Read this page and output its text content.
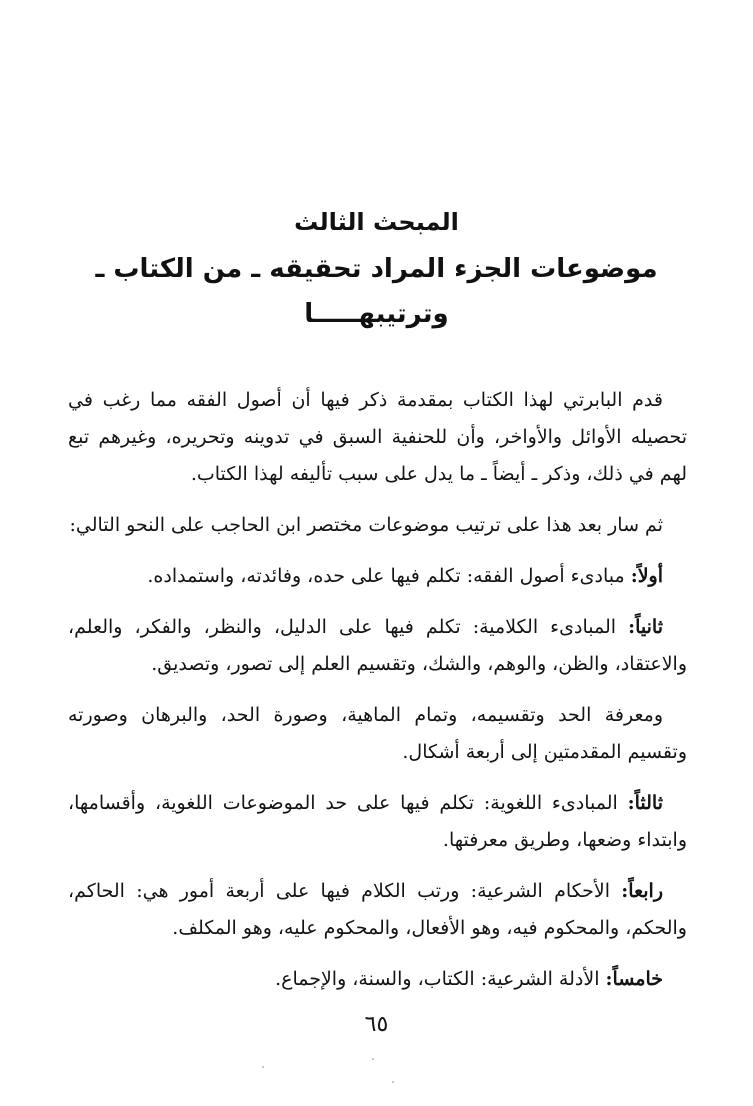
المبحث الثالث
موضوعات الجزء المراد تحقيقه ـ من الكتاب ـ
وترتيبهـــــا

قدم البابرتي لهذا الكتاب بمقدمة ذكر فيها أن أصول الفقه مما رغب في تحصيله الأوائل والأواخر، وأن للحنفية السبق في تدوينه وتحريره، وغيرهم تبع لهم في ذلك، وذكر ـ أيضاً ـ ما يدل على سبب تأليفه لهذا الكتاب.

ثم سار بعد هذا على ترتيب موضوعات مختصر ابن الحاجب على النحو التالي:

أولاً: مبادىء أصول الفقه: تكلم فيها على حده، وفائدته، واستمداده.

ثانياً: المبادىء الكلامية: تكلم فيها على الدليل، والنظر، والفكر، والعلم، والاعتقاد، والظن، والوهم، والشك، وتقسيم العلم إلى تصور، وتصديق.

ومعرفة الحد وتقسيمه، وتمام الماهية، وصورة الحد، والبرهان وصورته وتقسيم المقدمتين إلى أربعة أشكال.

ثالثاً: المبادىء اللغوية: تكلم فيها على حد الموضوعات اللغوية، وأقسامها، وابتداء وضعها، وطريق معرفتها.

رابعاً: الأحكام الشرعية: ورتب الكلام فيها على أربعة أمور هي: الحاكم، والحكم، والمحكوم فيه، وهو الأفعال، والمحكوم عليه، وهو المكلف.

خامساً: الأدلة الشرعية: الكتاب، والسنة، والإجماع.

٦٥
